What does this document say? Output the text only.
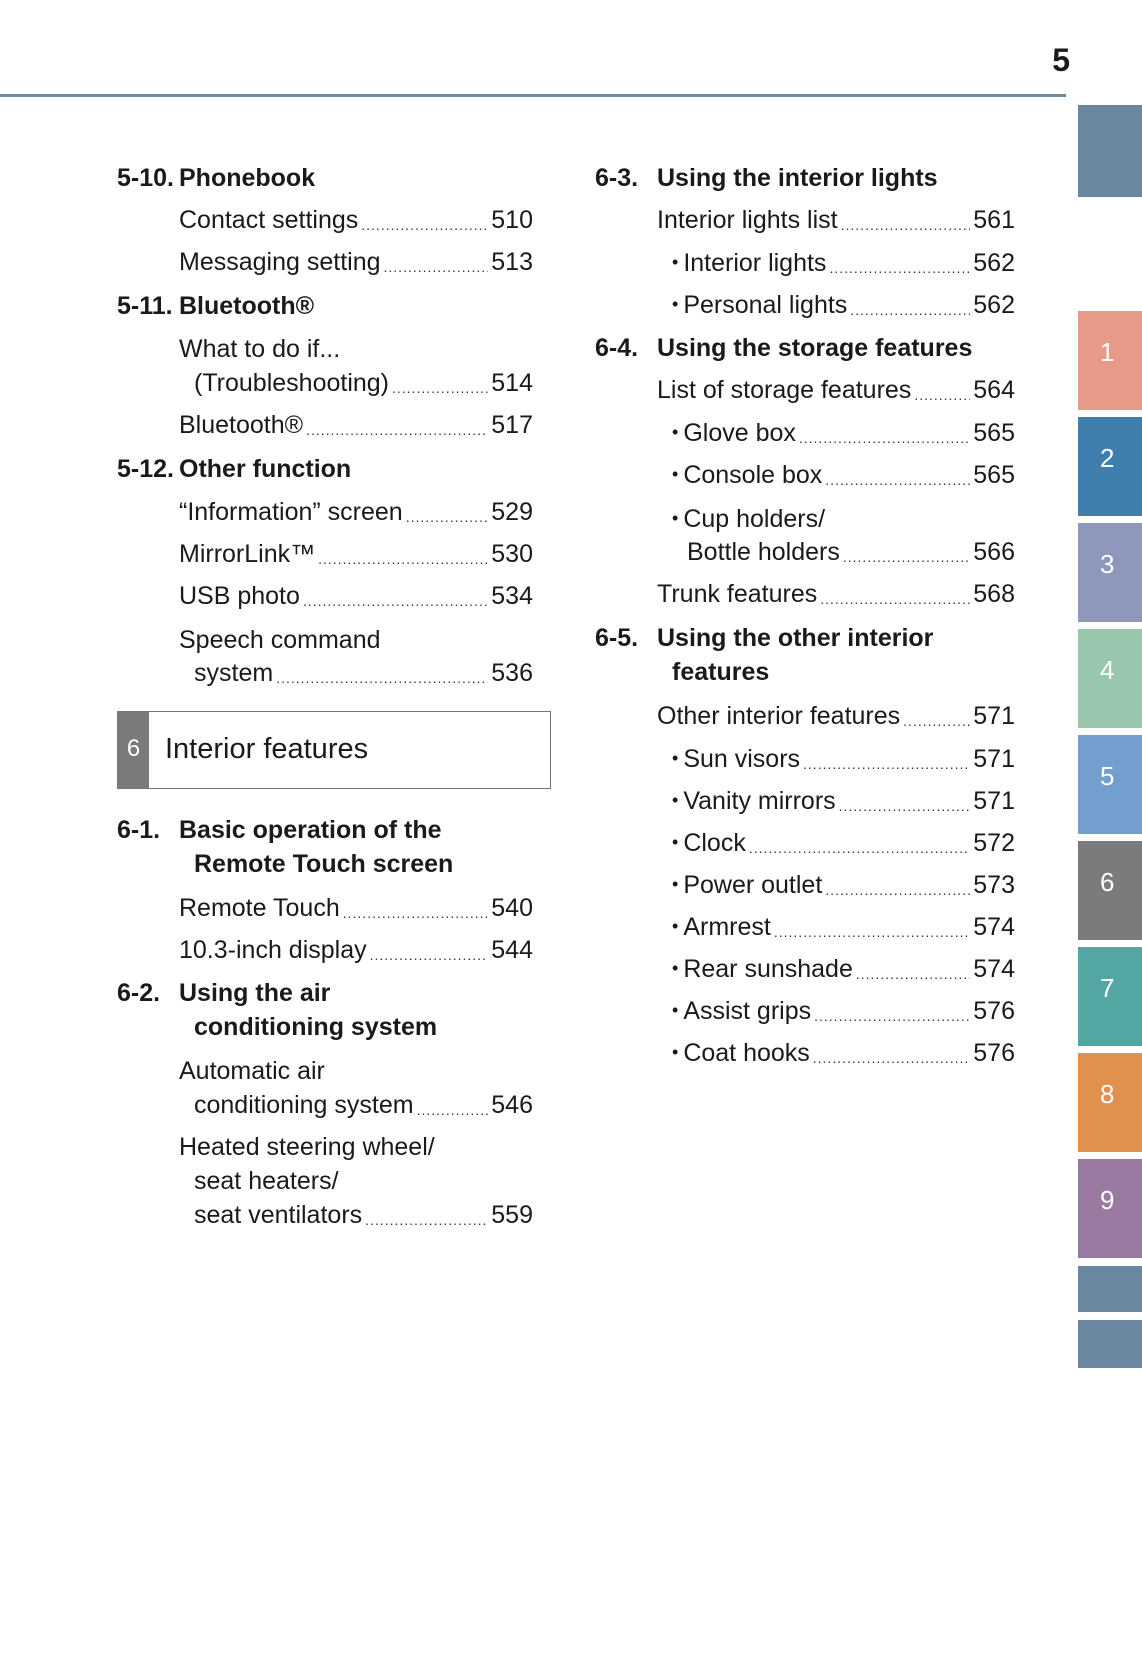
5
5-10. Phonebook
Contact settings .....	510
Messaging setting .....	513
5-11. Bluetooth®
What to do if...
(Troubleshooting) .....	514
Bluetooth® .....	517
5-12. Other function
“Information” screen .....	529
MirrorLink™ .....	530
USB photo .....	534
Speech command
system .....	536
6 Interior features
6-1. Basic operation of the
Remote Touch screen
Remote Touch .....	540
10.3-inch display .....	544
6-2. Using the air
conditioning system
Automatic air
conditioning system .....	546
Heated steering wheel/
seat heaters/
seat ventilators .....	559
6-3. Using the interior lights
Interior lights list .....	561
• Interior lights .....	562
• Personal lights .....	562
6-4. Using the storage features
List of storage features ..... 564
• Glove box .....	565
• Console box .....	565
• Cup holders/
Bottle holders .....	566
Trunk features .....	568
6-5. Using the other interior
features
Other interior features .....	571
• Sun visors .....	571
• Vanity mirrors .....	571
• Clock .....	572
• Power outlet .....	573
• Armrest .....	574
• Rear sunshade .....	574
• Assist grips .....	576
• Coat hooks .....	576
1
2
3
4
5
6
7
8
9
